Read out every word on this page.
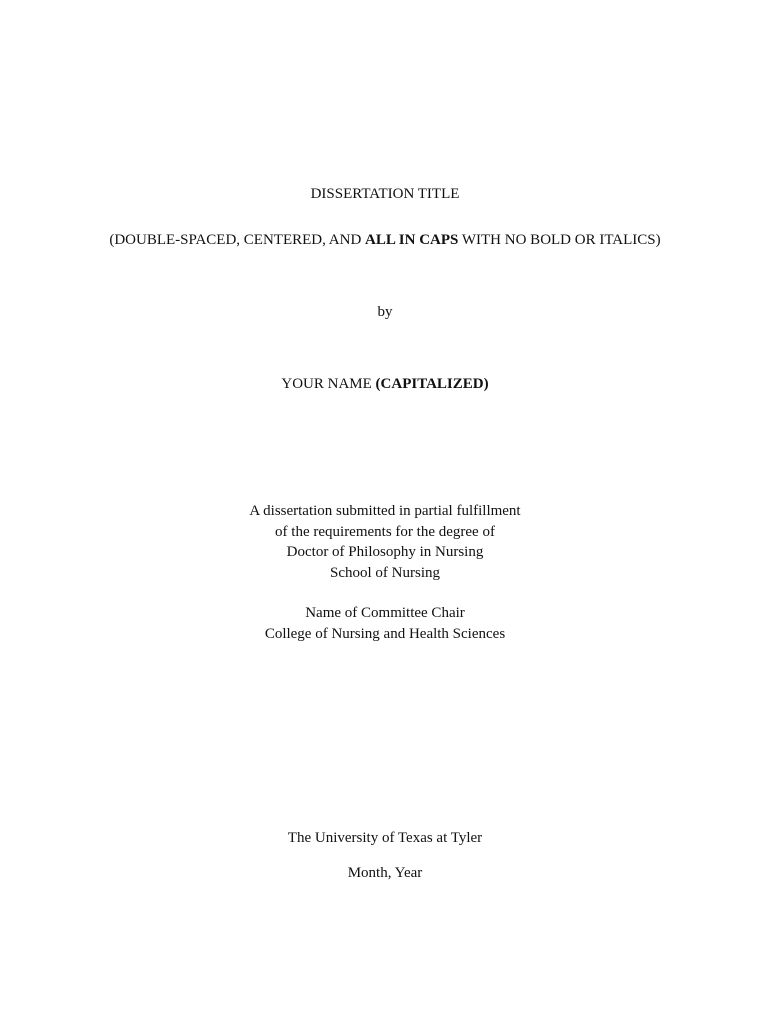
DISSERTATION TITLE
(DOUBLE-SPACED, CENTERED, AND ALL IN CAPS WITH NO BOLD OR ITALICS)
by
YOUR NAME (CAPITALIZED)
A dissertation submitted in partial fulfillment
of the requirements for the degree of
Doctor of Philosophy in Nursing
School of Nursing
Name of Committee Chair
College of Nursing and Health Sciences
The University of Texas at Tyler
Month, Year
